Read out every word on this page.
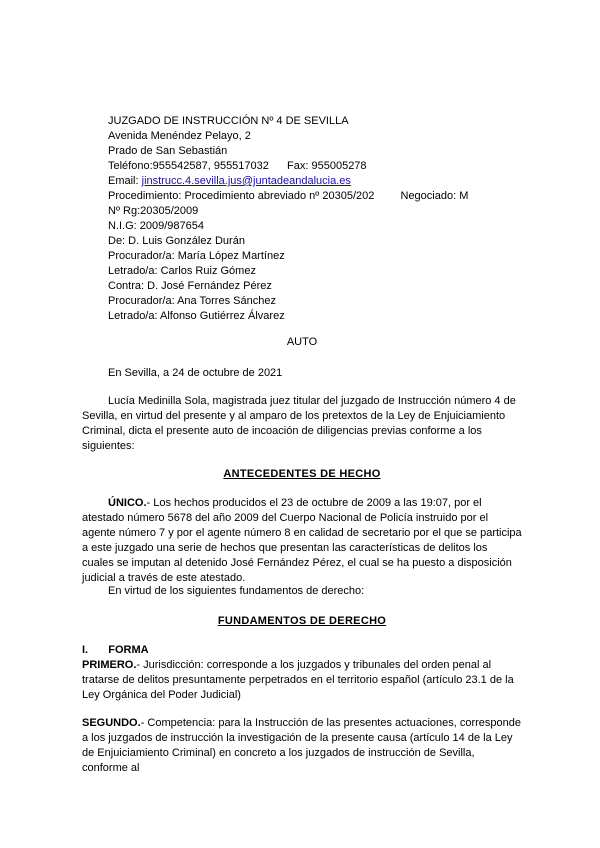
JUZGADO DE INSTRUCCIÓN Nº 4 DE SEVILLA
Avenida Menéndez Pelayo, 2
Prado de San Sebastián
Teléfono:955542587, 955517032 Fax: 955005278
Email: jinstrucc.4.sevilla.jus@juntadeandalucia.es
Procedimiento: Procedimiento abreviado nº 20305/202 Negociado: M
Nº Rg:20305/2009
N.I.G: 2009/987654
De: D. Luis González Durán
Procurador/a: María López Martínez
Letrado/a: Carlos Ruiz Gómez
Contra: D. José Fernández Pérez
Procurador/a: Ana Torres Sánchez
Letrado/a: Alfonso Gutiérrez Álvarez
AUTO
En Sevilla, a 24 de octubre de 2021
Lucía Medinilla Sola, magistrada juez titular del juzgado de Instrucción número 4 de Sevilla, en virtud del presente y al amparo de los pretextos de la Ley de Enjuiciamiento Criminal, dicta el presente auto de incoación de diligencias previas conforme a los siguientes:
ANTECEDENTES DE HECHO
ÚNICO.- Los hechos producidos el 23 de octubre de 2009 a las 19:07, por el atestado número 5678 del año 2009 del Cuerpo Nacional de Policía instruido por el agente número 7 y por el agente número 8 en calidad de secretario por el que se participa a este juzgado una serie de hechos que presentan las características de delitos los cuales se imputan al detenido José Fernández Pérez, el cual se ha puesto a disposición judicial a través de este atestado.
En virtud de los siguientes fundamentos de derecho:
FUNDAMENTOS DE DERECHO
I. FORMA
PRIMERO.- Jurisdicción: corresponde a los juzgados y tribunales del orden penal al tratarse de delitos presuntamente perpetrados en el territorio español (artículo 23.1 de la Ley Orgánica del Poder Judicial)
SEGUNDO.- Competencia: para la Instrucción de las presentes actuaciones, corresponde a los juzgados de instrucción la investigación de la presente causa (artículo 14 de la Ley de Enjuiciamiento Criminal) en concreto a los juzgados de instrucción de Sevilla, conforme al
